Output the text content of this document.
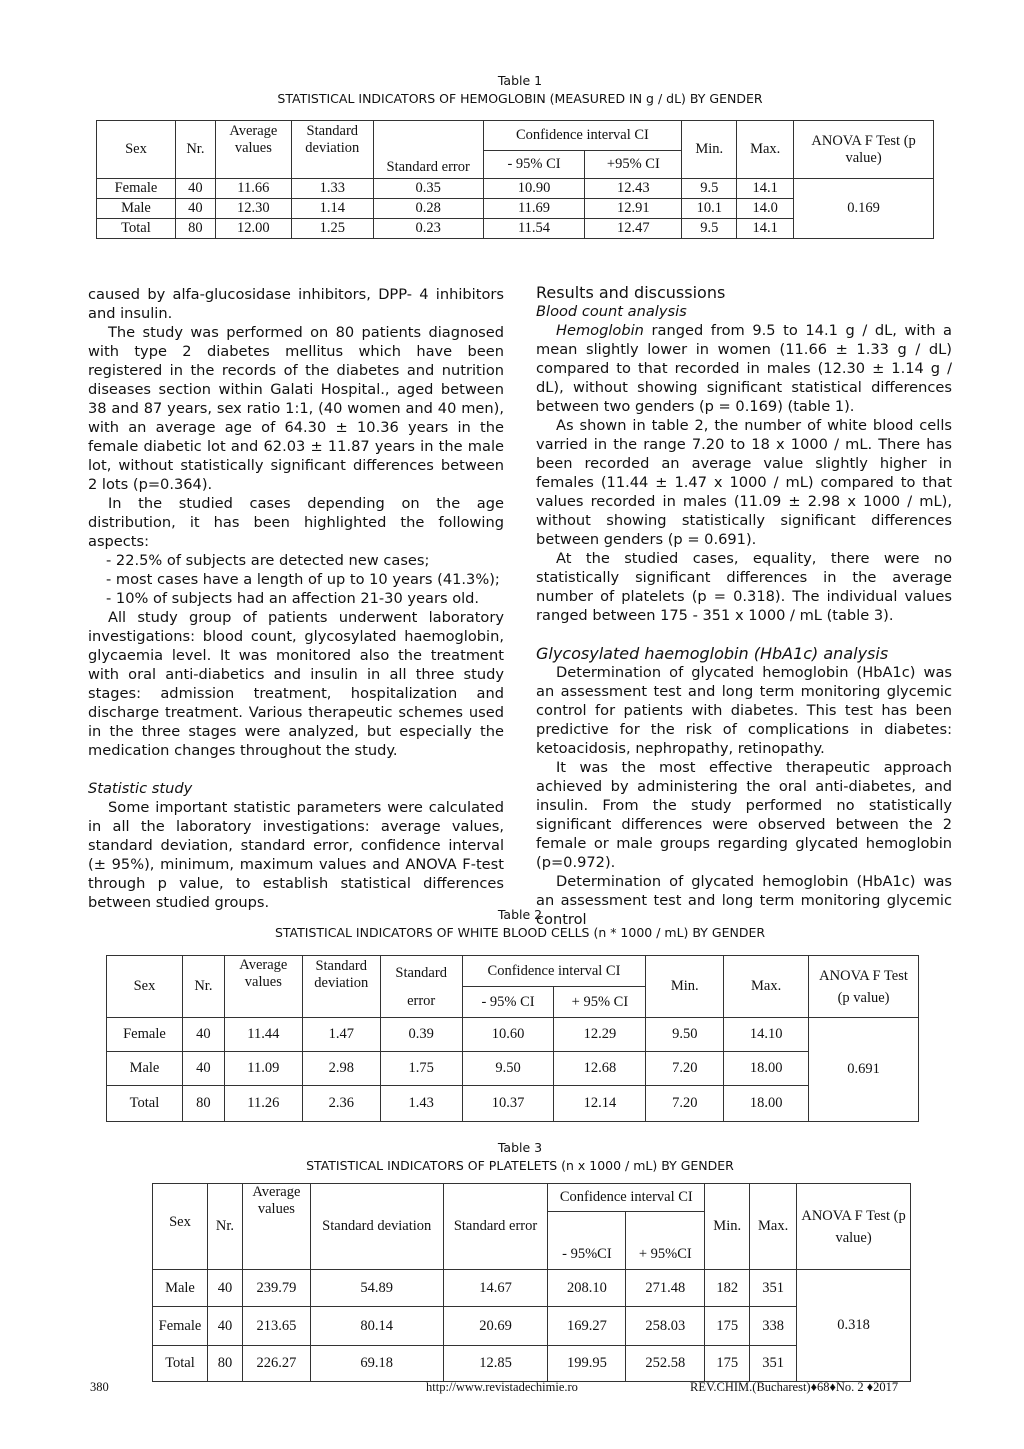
Table 1
STATISTICAL INDICATORS OF HEMOGLOBIN (MEASURED IN g / dL) BY GENDER
Sex	Nr.	Average values	Standard deviation	Standard error	Confidence interval CI		Min.	Max.	ANOVA F Test (p value)
					- 95% CI	+95% CI			
Female	40	11.66	1.33	0.35	10.90	12.43	9.5	14.1	0.169
Male	40	12.30	1.14	0.28	11.69	12.91	10.1	14.0	
Total	80	12.00	1.25	0.23	11.54	12.47	9.5	14.1	

caused by alfa-glucosidase inhibitors, DPP- 4 inhibitors and insulin.

The study was performed on 80 patients diagnosed with type 2 diabetes mellitus which have been registered in the records of the diabetes and nutrition diseases section within Galati Hospital., aged between 38 and 87 years, sex ratio 1:1, (40 women and 40 men), with an average age of 64.30 ± 10.36 years in the female diabetic lot and 62.03 ± 11.87 years in the male lot, without statistically significant differences between 2 lots (p=0.364).

In the studied cases depending on the age distribution, it has been highlighted the following aspects:

- 22.5% of subjects are detected new cases;

- most cases have a length of up to 10 years (41.3%);

- 10% of subjects had an affection 21-30 years old.

All study group of patients underwent laboratory investigations: blood count, glycosylated haemoglobin, glycaemia level. It was monitored also the treatment with oral anti-diabetics and insulin in all three study stages: admission treatment, hospitalization and discharge treatment. Various therapeutic schemes used in the three stages were analyzed, but especially the medication changes throughout the study.

Statistic study

Some important statistic parameters were calculated in all the laboratory investigations: average values, standard deviation, standard error, confidence interval (± 95%), minimum, maximum values and ANOVA F-test through p value, to establish statistical differences between studied groups.

Results and discussions

Blood count analysis

Hemoglobin ranged from 9.5 to 14.1 g / dL, with a mean slightly lower in women (11.66 ± 1.33 g / dL) compared to that recorded in males (12.30 ± 1.14 g / dL), without showing significant statistical differences between two genders (p = 0.169) (table 1).

As shown in table 2, the number of white blood cells varried in the range 7.20 to 18 x 1000 / mL. There has been recorded an average value slightly higher in females (11.44 ± 1.47 x 1000 / mL) compared to that values recorded in males (11.09 ± 2.98 x 1000 / mL), without showing statistically significant differences between genders (p = 0.691).

At the studied cases, equality, there were no statistically significant differences in the average number of platelets (p = 0.318). The individual values ranged between 175 - 351 x 1000 / mL (table 3).

Glycosylated haemoglobin (HbA1c) analysis

Determination of glycated hemoglobin (HbA1c) was an assessment test and long term monitoring glycemic control for patients with diabetes. This test has been predictive for the risk of complications in diabetes: ketoacidosis, nephropathy, retinopathy.

It was the most effective therapeutic approach achieved by administering the oral anti-diabetes, and insulin. From the study performed no statistically significant differences were observed between the 2 female or male groups regarding glycated hemoglobin (p=0.972).

Determination of glycated hemoglobin (HbA1c) was an assessment test and long term monitoring glycemic control

Table 2
STATISTICAL INDICATORS OF WHITE BLOOD CELLS (n * 1000 / mL) BY GENDER
Sex	Nr.	Average values	Standard deviation	Standard error	Confidence interval CI		Min.	Max.	ANOVA F Test (p value)
					- 95% CI	+ 95% CI			
Female	40	11.44	1.47	0.39	10.60	12.29	9.50	14.10	0.691
Male	40	11.09	2.98	1.75	9.50	12.68	7.20	18.00	
Total	80	11.26	2.36	1.43	10.37	12.14	7.20	18.00	
Table 3
STATISTICAL INDICATORS OF PLATELETS (n x 1000 / mL) BY GENDER
Sex	Nr.	Average values	Standard deviation	Standard error	Confidence interval CI		Min.	Max.	ANOVA F Test (p value)
					- 95%CI	+ 95%CI			
Male	40	239.79	54.89	14.67	208.10	271.48	182	351	0.318
Female	40	213.65	80.14	20.69	169.27	258.03	175	338	
Total	80	226.27	69.18	12.85	199.95	252.58	175	351	
380	http://www.revistadechimie.ro	REV.CHIM.(Bucharest)♦68♦No. 2 ♦2017
